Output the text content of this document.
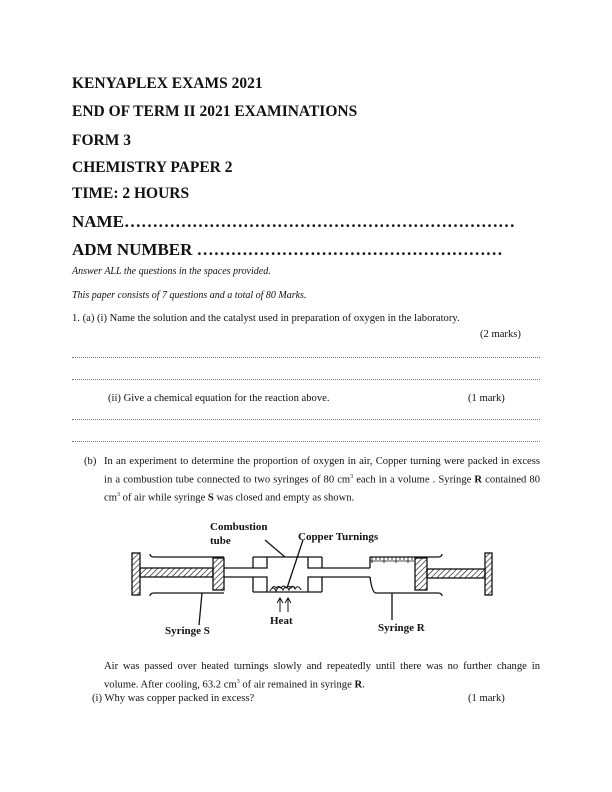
KENYAPLEX EXAMS 2021
END OF TERM II 2021 EXAMINATIONS
FORM 3
CHEMISTRY PAPER 2
TIME: 2 HOURS
NAME……………………………………………………………
ADM NUMBER ………………………………………………
Answer ALL the questions in the spaces provided.
This paper consists of 7 questions and a total of 80 Marks.
1. (a) (i) Name the solution and the catalyst used in preparation of oxygen in the laboratory.
(2 marks)
(ii) Give a chemical equation for the reaction above.	(1 mark)
(b) In an experiment to determine the proportion of oxygen in air, Copper turning were packed in excess in a combustion tube connected to two syringes of 80 $cm^3$ each in a volume . Syringe R contained 80 $cm^3$ of air while syringe S was closed and empty as shown.
Combustion
tube	Copper Turnings
Heat
Syringe S	Syringe R
Air was passed over heated turnings slowly and repeatedly until there was no further change in volume. After cooling, 63.2 $cm^3$ of air remained in syringe R.
(i) Why was copper packed in excess?	(1 mark)
